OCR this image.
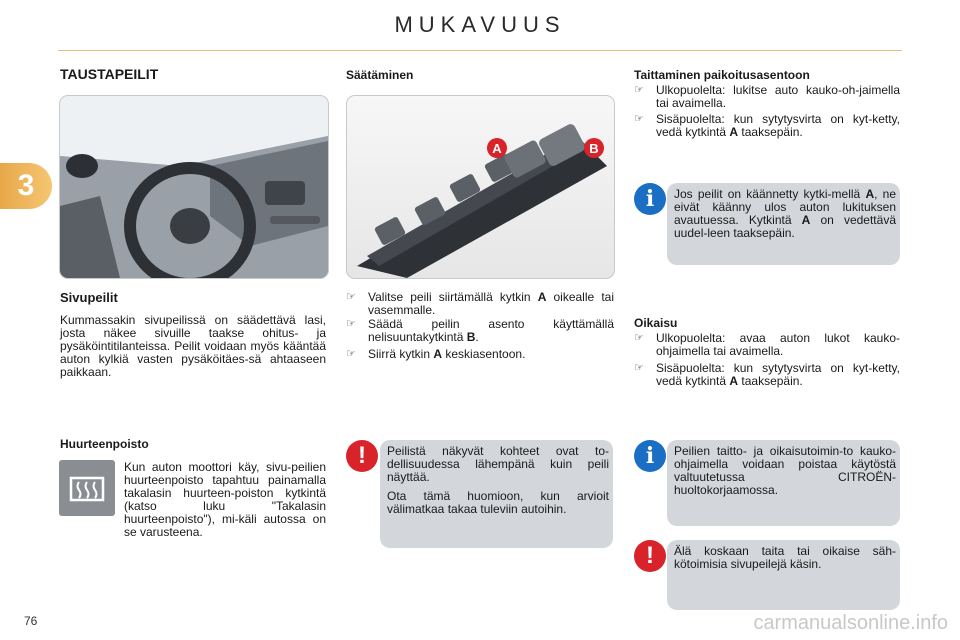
MUKAVUUS
3
TAUSTAPEILIT
Sivupeilit
Kummassakin sivupeilissä on säädettävä lasi, josta näkee sivuille taakse ohitus- ja pysäköintitilanteissa. Peilit voidaan myös kääntää auton kylkiä vasten pysäköitäes-sä ahtaaseen paikkaan.
Huurteenpoisto
Kun auton moottori käy, sivu-peilien huurteenpoisto tapahtuu painamalla takalasin huurteen-poiston kytkintä (katso luku "Takalasin huurteenpoisto"), mi-käli autossa on se varusteena.
Säätäminen
A	B
☞ Valitse peili siirtämällä kytkin A oikealle tai vasemmalle.
☞ Säädä peilin asento käyttämällä nelisuuntakytkintä B.
☞ Siirrä kytkin A keskiasentoon.

Peilistä näkyvät kohteet ovat to-dellisuudessa lähempänä kuin peili näyttää.

Ota tämä huomioon, kun arvioit välimatkaa takaa tuleviin autoihin.

!
Taittaminen paikoitusasentoon
☞ Ulkopuolelta: lukitse auto kauko-oh-jaimella tai avaimella.
☞ Sisäpuolelta: kun sytytysvirta on kyt-ketty, vedä kytkintä A taaksepäin.
i	Jos peilit on käännetty kytki-mellä A, ne eivät käänny ulos auton lukituksen avautuessa. Kytkintä A on vedettävä uudel-leen taaksepäin.
Oikaisu
☞ Ulkopuolelta: avaa auton lukot kauko-ohjaimella tai avaimella.
☞ Sisäpuolelta: kun sytytysvirta on kyt-ketty, vedä kytkintä A taaksepäin.
i	Peilien taitto- ja oikaisutoimin-to kauko-ohjaimella voidaan poistaa käytöstä valtuutetussa CITROËN-huoltokorjaamossa.
!	Älä koskaan taita tai oikaise säh-kötoimisia sivupeilejä käsin.
76	carmanualsonline.info
